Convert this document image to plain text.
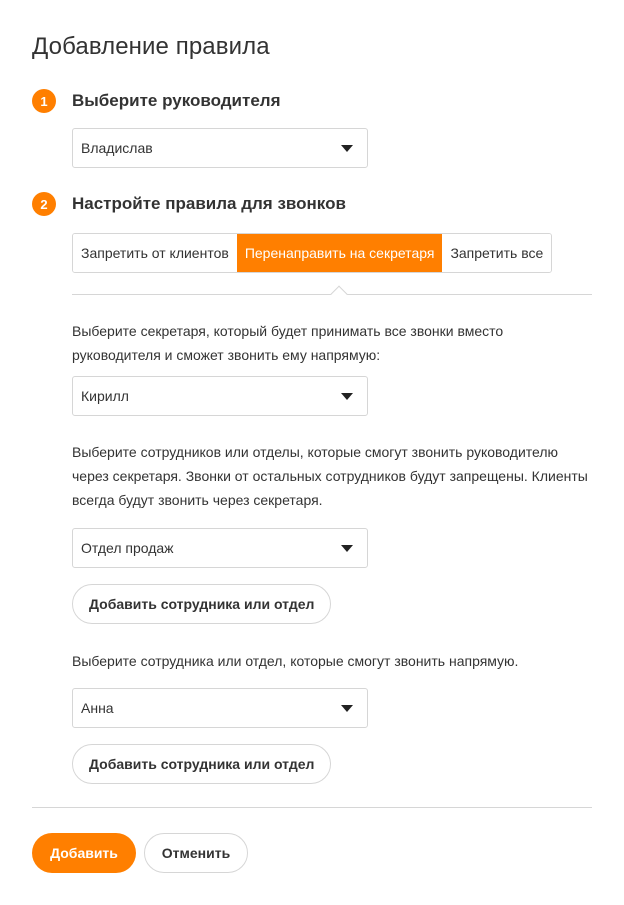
Добавление правила
1	Выберите руководителя
Владислав
2	Настройте правила для звонков
Запретить от клиентов	Перенаправить на секретаря	Запретить все
Выберите секретаря, который будет принимать все звонки вместо руководителя и сможет звонить ему напрямую:
Кирилл
Выберите сотрудников или отделы, которые смогут звонить руководителю через секретаря. Звонки от остальных сотрудников будут запрещены. Клиенты всегда будут звонить через секретаря.
Отдел продаж
Добавить сотрудника или отдел
Выберите сотрудника или отдел, которые смогут звонить напрямую.
Анна
Добавить сотрудника или отдел
Добавить	Отменить
